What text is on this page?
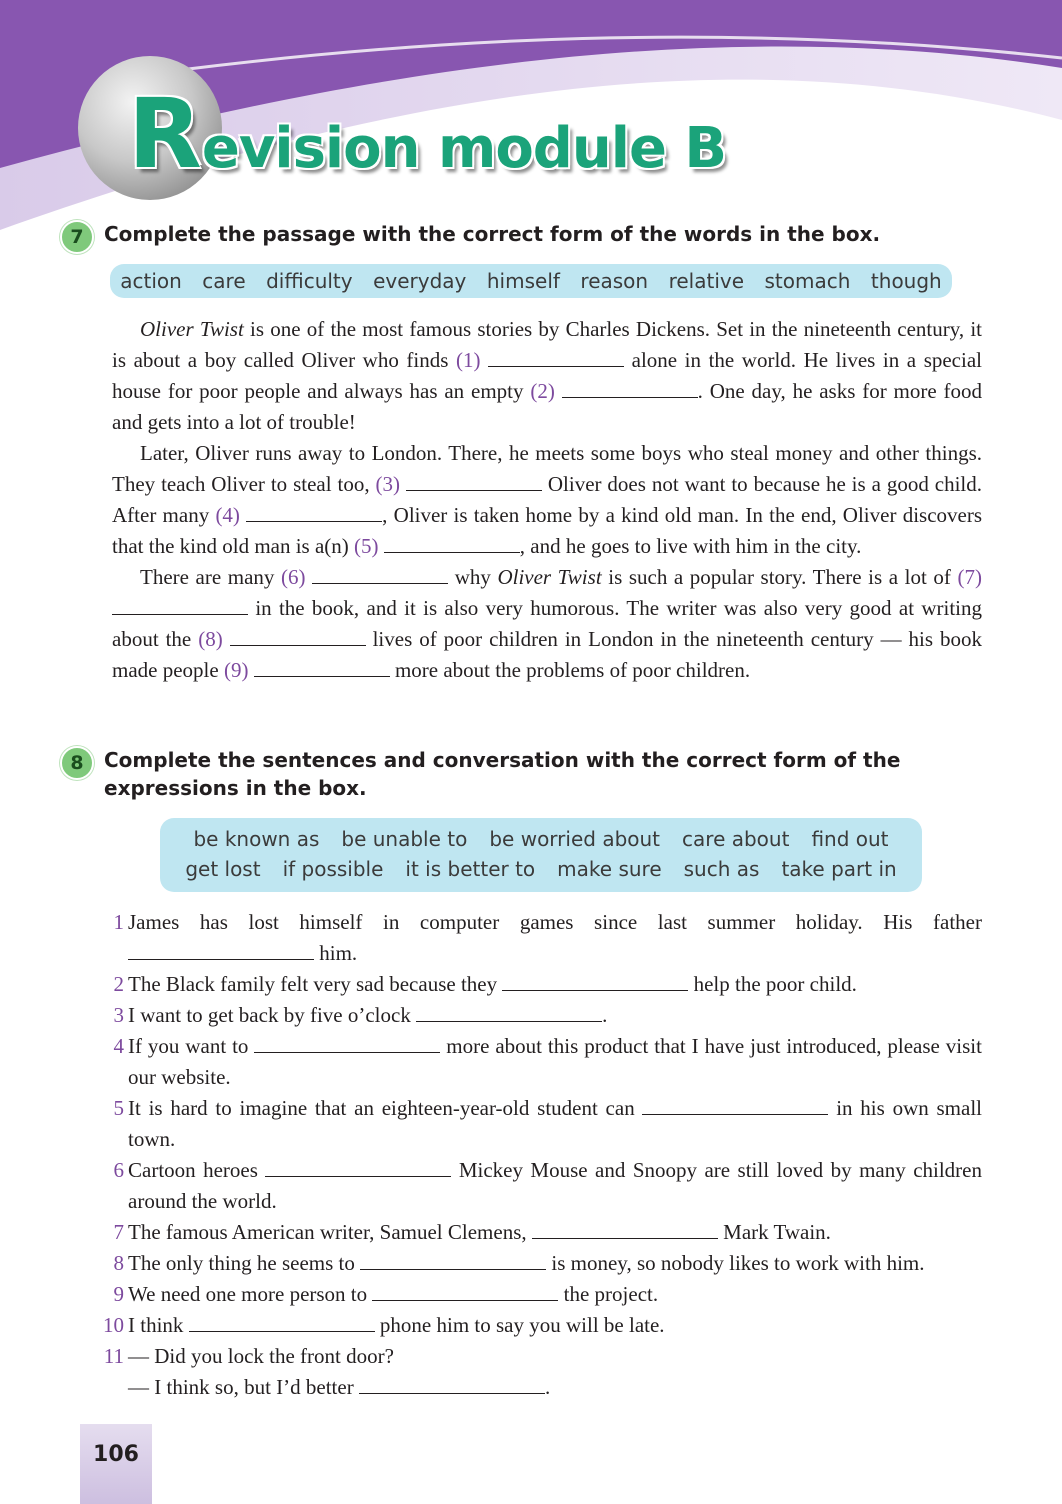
Revision module B
7	Complete the passage with the correct form of the words in the box.
action care difficulty everyday himself reason relative stomach though

Oliver Twist is one of the most famous stories by Charles Dickens. Set in the nineteenth century, it is about a boy called Oliver who finds (1)	alone in the world. He lives in a special house for poor people and always has an empty (2)	. One day, he asks for more food and gets into a lot of trouble!

Later, Oliver runs away to London. There, he meets some boys who steal money and other things. They teach Oliver to steal too, (3)	Oliver does not want to because he is a good child. After many (4)	, Oliver is taken home by a kind old man. In the end, Oliver discovers that the kind old man is a(n) (5)	, and he goes to live with him in the city.

There are many (6)	why Oliver Twist is such a popular story. There is a lot of (7)  in the book, and it is also very humorous. The writer was also very good at writing about the (8)	lives of poor children in London in the nineteenth century — his book made people (9)	more about the problems of poor children.

8	Complete the sentences and conversation with the correct form of the expressions in the box.
be known as be unable to be worried about care about find out
get lost if possible it is better to make sure such as take part in
1 James has lost himself in computer games since last summer holiday. His father  him.
2 The Black family felt very sad because they	help the poor child.
3 I want to get back by five o’clock	.
4 If you want to	more about this product that I have just introduced, please visit our website.
5 It is hard to imagine that an eighteen-year-old student can	in his own small town.
6 Cartoon heroes	Mickey Mouse and Snoopy are still loved by many children around the world.
7 The famous American writer, Samuel Clemens,	Mark Twain.
8 The only thing he seems to	is money, so nobody likes to work with him.
9 We need one more person to	the project.
10 I think	phone him to say you will be late.
11 — Did you lock the front door?
— I think so, but I’d better	.
106
